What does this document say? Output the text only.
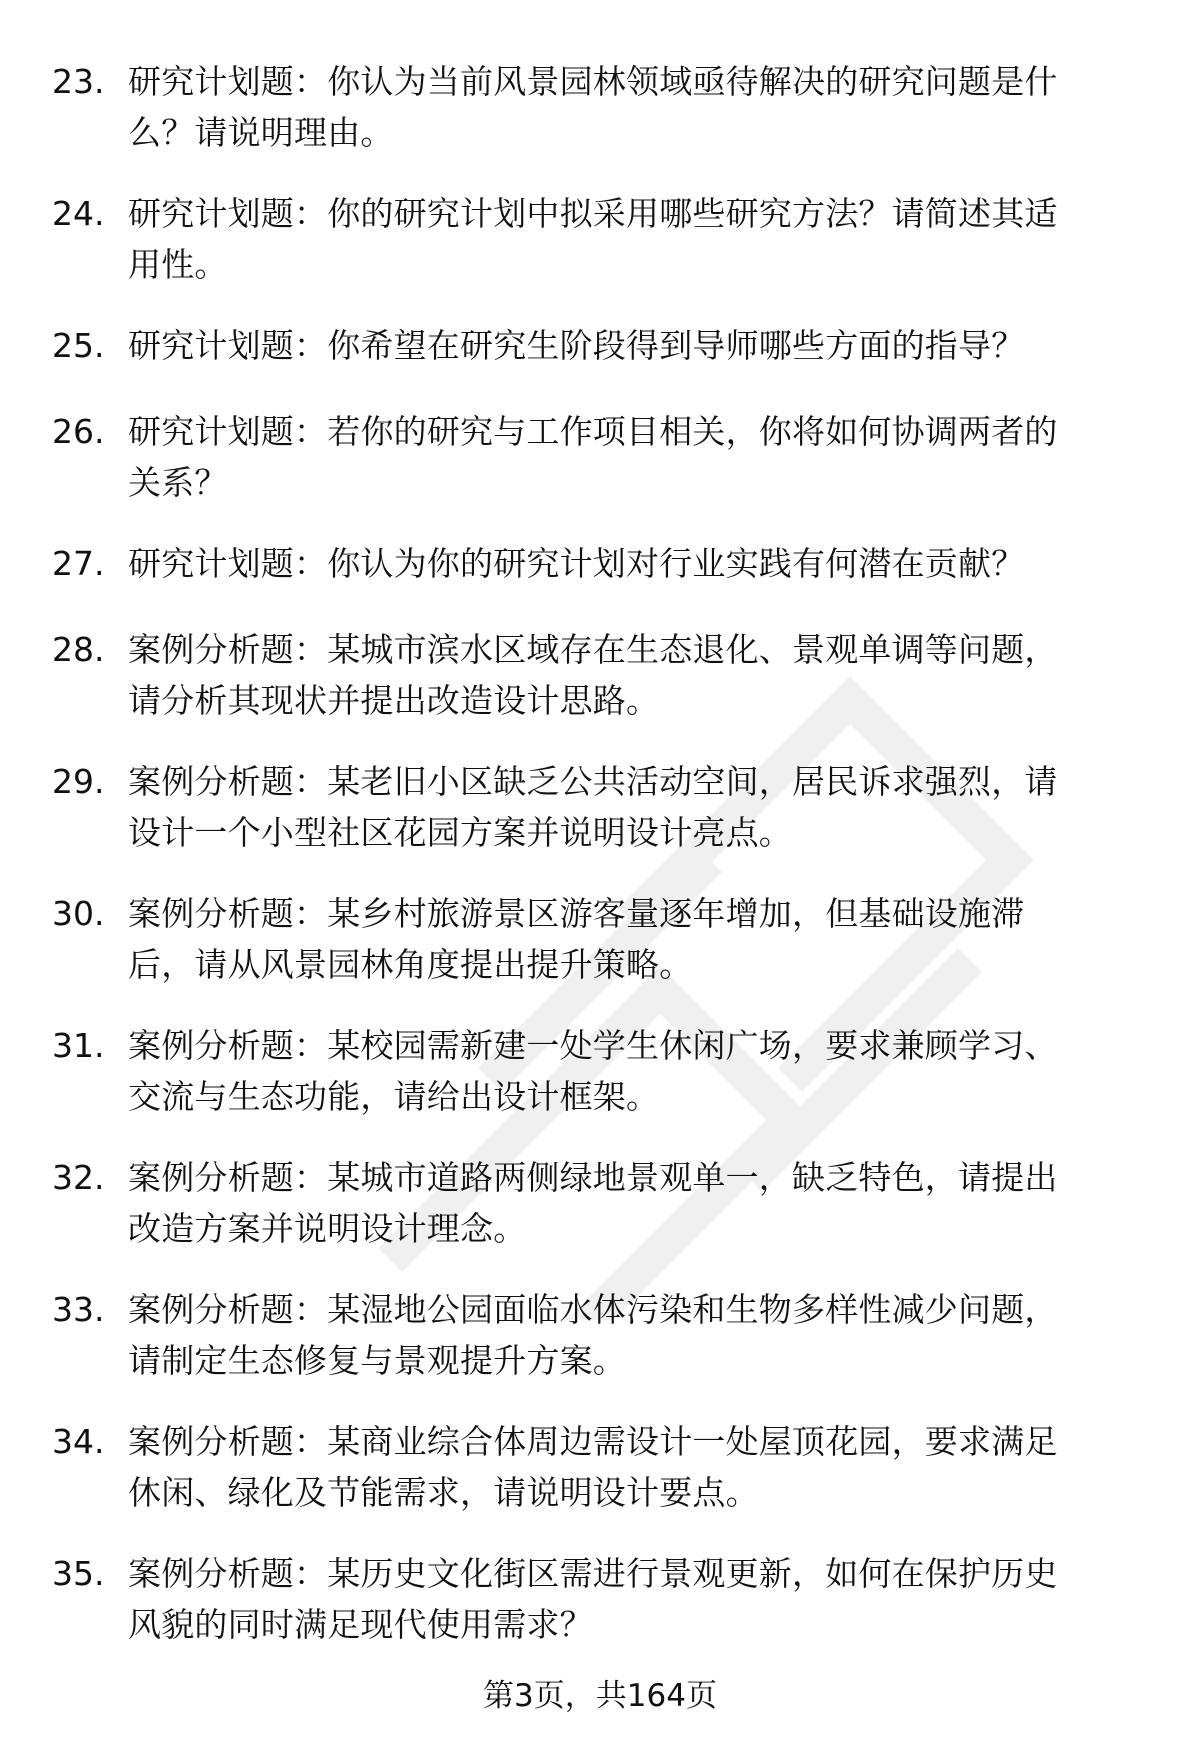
23. 研究计划题：你认为当前风景园林领域亟待解决的研究问题是什
么？请说明理由。
24. 研究计划题：你的研究计划中拟采用哪些研究方法？请简述其适
用性。
25. 研究计划题：你希望在研究生阶段得到导师哪些方面的指导？
26. 研究计划题：若你的研究与工作项目相关，你将如何协调两者的
关系？
27. 研究计划题：你认为你的研究计划对行业实践有何潜在贡献？
28. 案例分析题：某城市滨水区域存在生态退化、景观单调等问题，
请分析其现状并提出改造设计思路。
29. 案例分析题：某老旧小区缺乏公共活动空间，居民诉求强烈，请
设计一个小型社区花园方案并说明设计亮点。
30. 案例分析题：某乡村旅游景区游客量逐年增加，但基础设施滞
后，请从风景园林角度提出提升策略。
31. 案例分析题：某校园需新建一处学生休闲广场，要求兼顾学习、
交流与生态功能，请给出设计框架。
32. 案例分析题：某城市道路两侧绿地景观单一，缺乏特色，请提出
改造方案并说明设计理念。
33. 案例分析题：某湿地公园面临水体污染和生物多样性减少问题，
请制定生态修复与景观提升方案。
34. 案例分析题：某商业综合体周边需设计一处屋顶花园，要求满足
休闲、绿化及节能需求，请说明设计要点。
35. 案例分析题：某历史文化街区需进行景观更新，如何在保护历史
风貌的同时满足现代使用需求？
第3页，共164页
